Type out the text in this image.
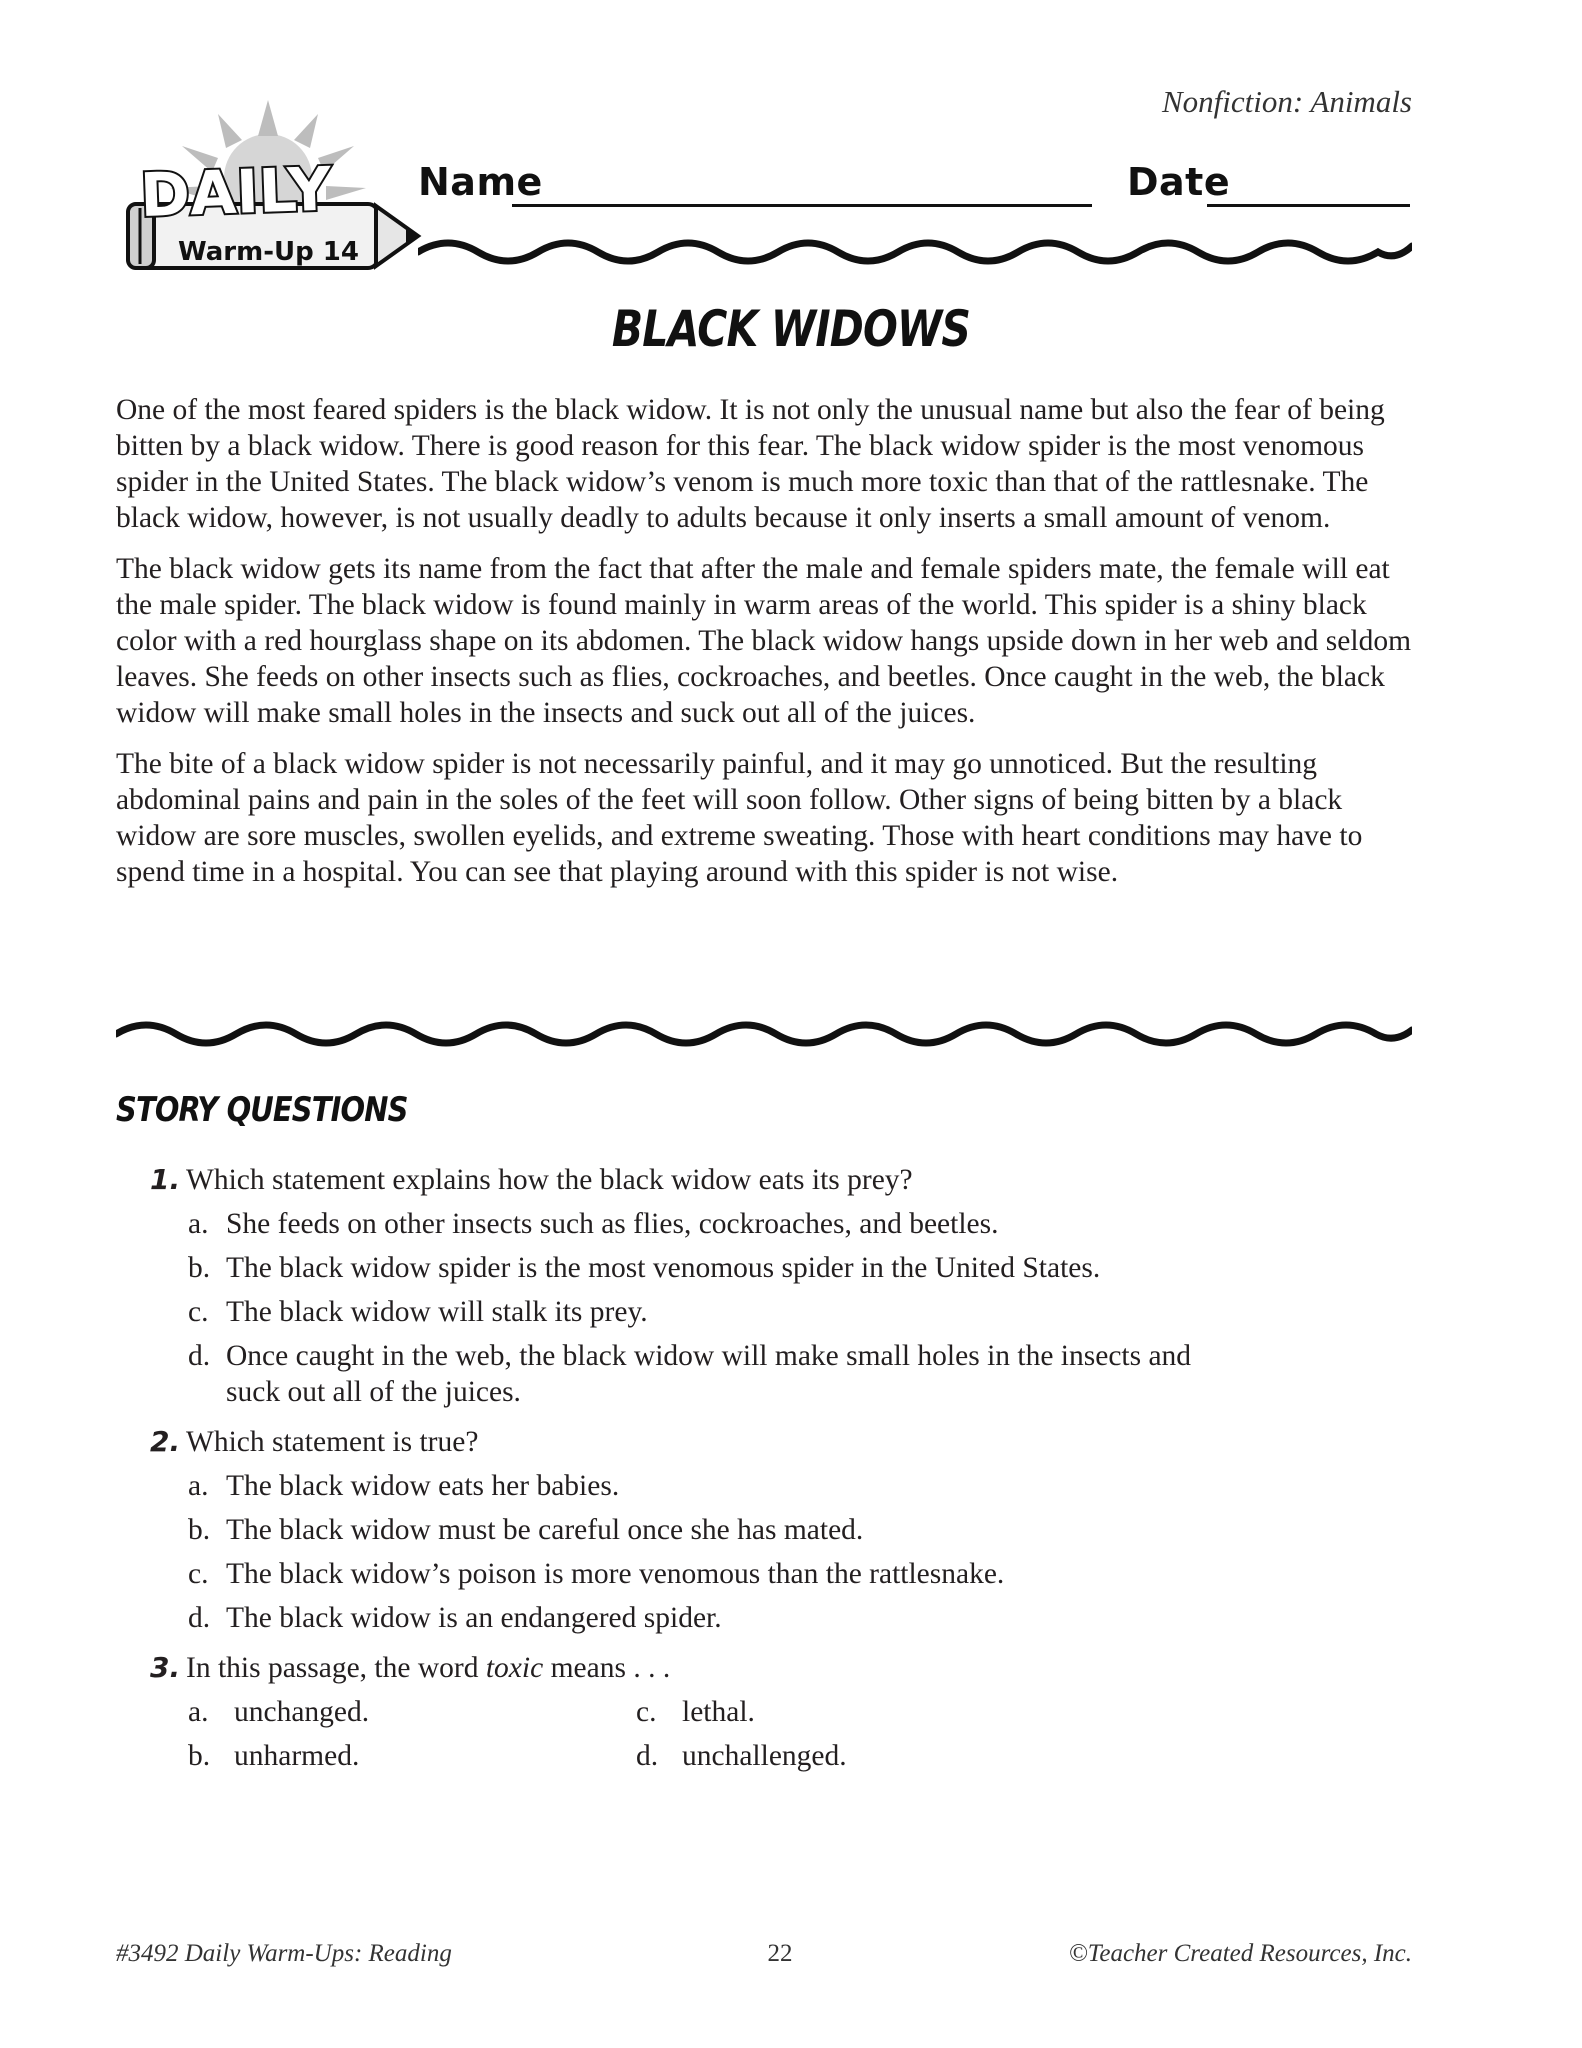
Nonfiction: Animals
DAILY
Warm-Up 14
Name	Date
BLACK WIDOWS

One of the most feared spiders is the black widow. It is not only the unusual name but also the fear of being bitten by a black widow. There is good reason for this fear. The black widow spider is the most venomous spider in the United States. The black widow’s venom is much more toxic than that of the rattlesnake. The black widow, however, is not usually deadly to adults because it only inserts a small amount of venom.

The black widow gets its name from the fact that after the male and female spiders mate, the female will eat the male spider. The black widow is found mainly in warm areas of the world. This spider is a shiny black color with a red hourglass shape on its abdomen. The black widow hangs upside down in her web and seldom leaves. She feeds on other insects such as flies, cockroaches, and beetles. Once caught in the web, the black widow will make small holes in the insects and suck out all of the juices.

The bite of a black widow spider is not necessarily painful, and it may go unnoticed. But the resulting abdominal pains and pain in the soles of the feet will soon follow. Other signs of being bitten by a black widow are sore muscles, swollen eyelids, and extreme sweating. Those with heart conditions may have to spend time in a hospital. You can see that playing around with this spider is not wise.

STORY QUESTIONS
1. Which statement explains how the black widow eats its prey?
a. She feeds on other insects such as flies, cockroaches, and beetles.
b. The black widow spider is the most venomous spider in the United States.
c. The black widow will stalk its prey.
d. Once caught in the web, the black widow will make small holes in the insects and suck out all of the juices.
2. Which statement is true?
a. The black widow eats her babies.
b. The black widow must be careful once she has mated.
c. The black widow’s poison is more venomous than the rattlesnake.
d. The black widow is an endangered spider.
3. In this passage, the word toxic means . . .
a. unchanged.	c. lethal.
b. unharmed.	d. unchallenged.
#3492 Daily Warm-Ups: Reading	22	©Teacher Created Resources, Inc.
